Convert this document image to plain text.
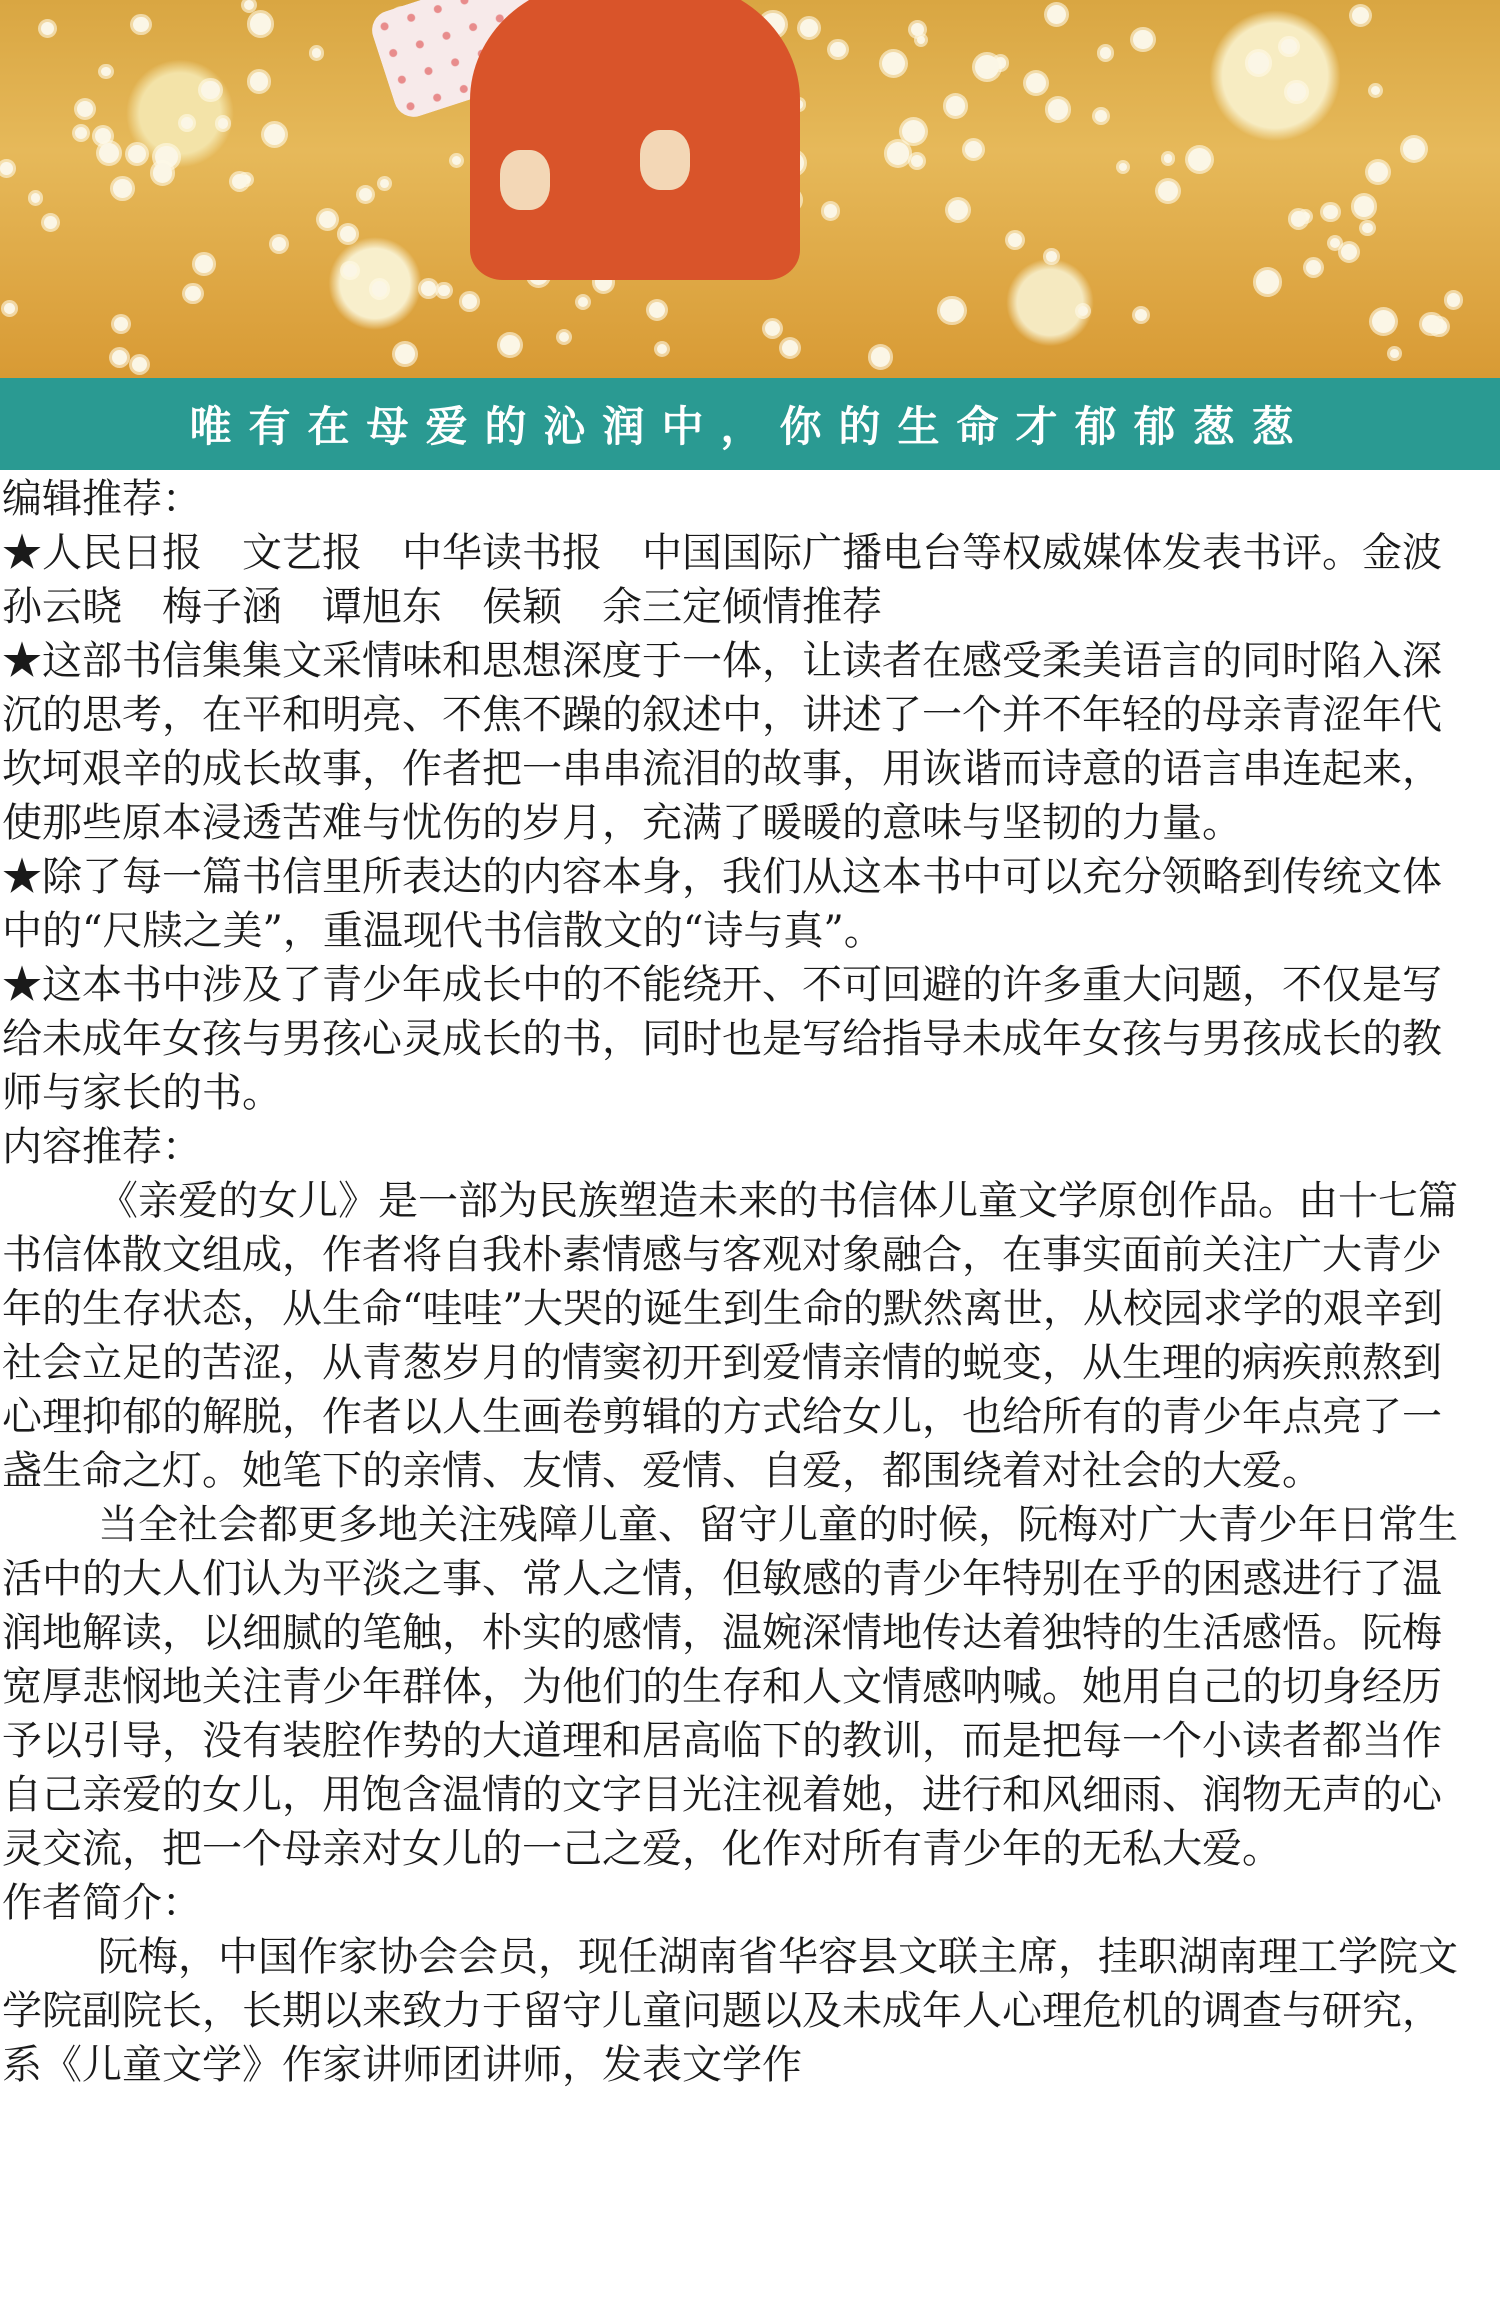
唯有在母爱的沁润中，你的生命才郁郁葱葱

编辑推荐：

★人民日报　文艺报　中华读书报　中国国际广播电台等权威媒体发表书评。金波　孙云晓　梅子涵　谭旭东　侯颖　余三定倾情推荐

★这部书信集集文采情味和思想深度于一体，让读者在感受柔美语言的同时陷入深沉的思考，在平和明亮、不焦不躁的叙述中，讲述了一个并不年轻的母亲青涩年代坎坷艰辛的成长故事，作者把一串串流泪的故事，用诙谐而诗意的语言串连起来，使那些原本浸透苦难与忧伤的岁月，充满了暖暖的意味与坚韧的力量。

★除了每一篇书信里所表达的内容本身，我们从这本书中可以充分领略到传统文体中的“尺牍之美”，重温现代书信散文的“诗与真”。

★这本书中涉及了青少年成长中的不能绕开、不可回避的许多重大问题，不仅是写给未成年女孩与男孩心灵成长的书，同时也是写给指导未成年女孩与男孩成长的教师与家长的书。

内容推荐：

《亲爱的女儿》是一部为民族塑造未来的书信体儿童文学原创作品。由十七篇书信体散文组成，作者将自我朴素情感与客观对象融合，在事实面前关注广大青少年的生存状态，从生命“哇哇”大哭的诞生到生命的默然离世，从校园求学的艰辛到社会立足的苦涩，从青葱岁月的情窦初开到爱情亲情的蜕变，从生理的病疾煎熬到心理抑郁的解脱，作者以人生画卷剪辑的方式给女儿，也给所有的青少年点亮了一盏生命之灯。她笔下的亲情、友情、爱情、自爱，都围绕着对社会的大爱。

当全社会都更多地关注残障儿童、留守儿童的时候，阮梅对广大青少年日常生活中的大人们认为平淡之事、常人之情，但敏感的青少年特别在乎的困惑进行了温润地解读，以细腻的笔触，朴实的感情，温婉深情地传达着独特的生活感悟。阮梅宽厚悲悯地关注青少年群体，为他们的生存和人文情感呐喊。她用自己的切身经历予以引导，没有装腔作势的大道理和居高临下的教训，而是把每一个小读者都当作自己亲爱的女儿，用饱含温情的文字目光注视着她，进行和风细雨、润物无声的心灵交流，把一个母亲对女儿的一己之爱，化作对所有青少年的无私大爱。

作者简介：

阮梅，中国作家协会会员，现任湖南省华容县文联主席，挂职湖南理工学院文学院副院长，长期以来致力于留守儿童问题以及未成年人心理危机的调查与研究，系《儿童文学》作家讲师团讲师，发表文学作
